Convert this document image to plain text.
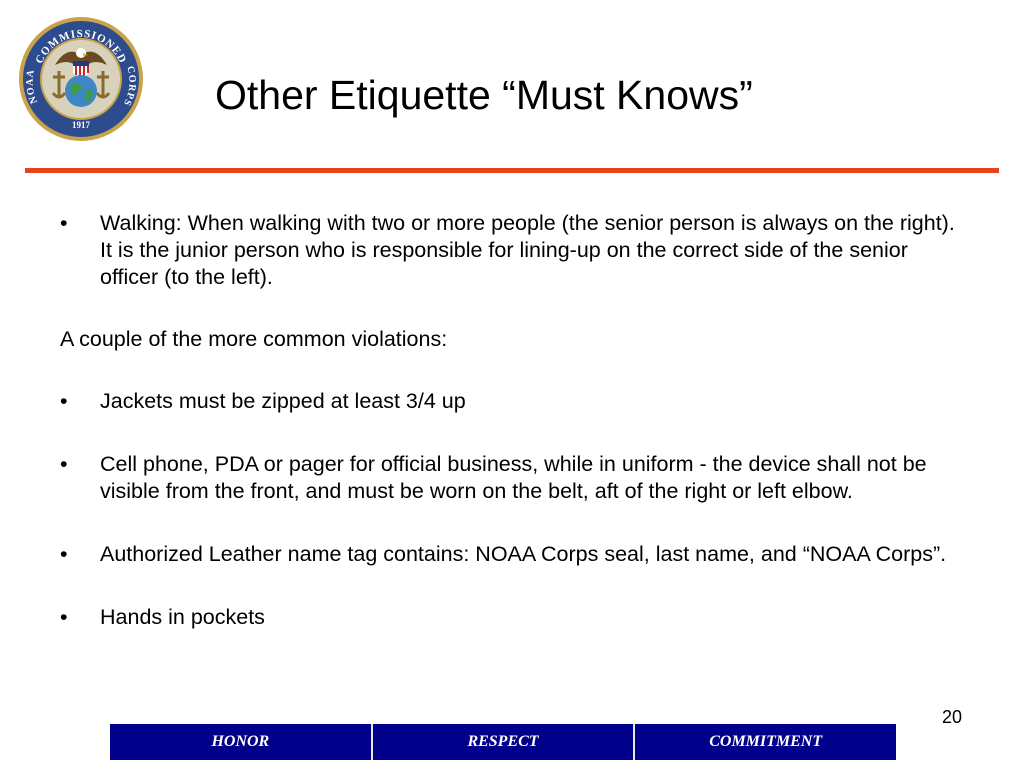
COMMISSIONED
NOAA	CORPS
1917
Other Etiquette “Must Knows”
• Walking: When walking with two or more people (the senior person is always on the right). It is the junior person who is responsible for lining-up on the correct side of the senior officer (to the left).
A couple of the more common violations:
• Jackets must be zipped at least 3/4 up
• Cell phone, PDA or pager for official business, while in uniform - the device shall not be visible from the front, and must be worn on the belt, aft of the right or left elbow.
• Authorized Leather name tag contains: NOAA Corps seal, last name, and “NOAA Corps”.
• Hands in pockets
20
HONOR	RESPECT	COMMITMENT
